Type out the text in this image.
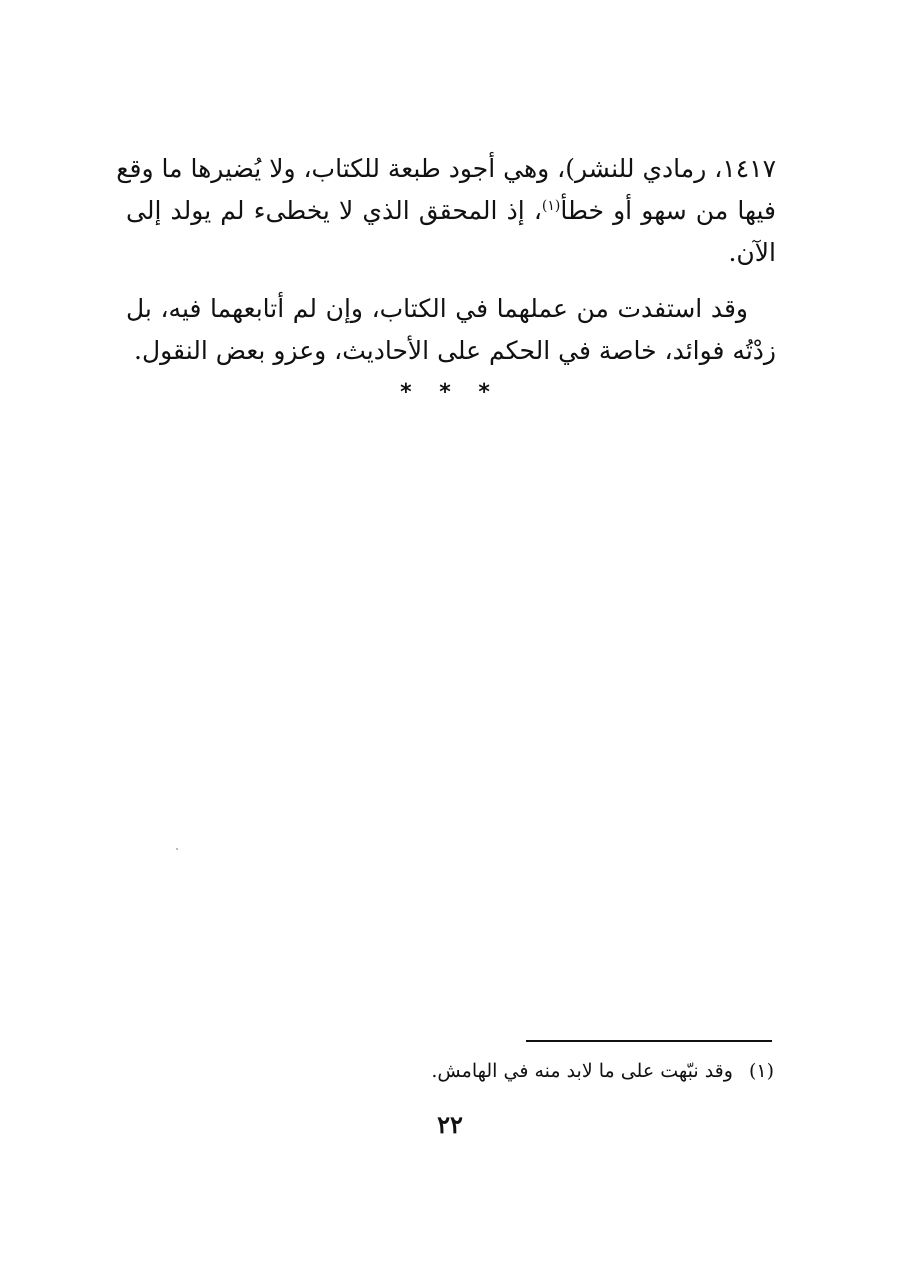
١٤١٧، رمادي للنشر)، وهي أجود طبعة للكتاب، ولا يُضيرها ما وقع
فيها من سهو أو خطأ$^{(١)}$، إذ المحقق الذي لا يخطىء لم يولد إلى
الآن.
وقد استفدت من عملهما في الكتاب، وإن لم أتابعهما فيه، بل
زدْتُه فوائد، خاصة في الحكم على الأحاديث، وعزو بعض النقول.
* * *
(١)وقد نبّهت على ما لابد منه في الهامش.
٢٢
